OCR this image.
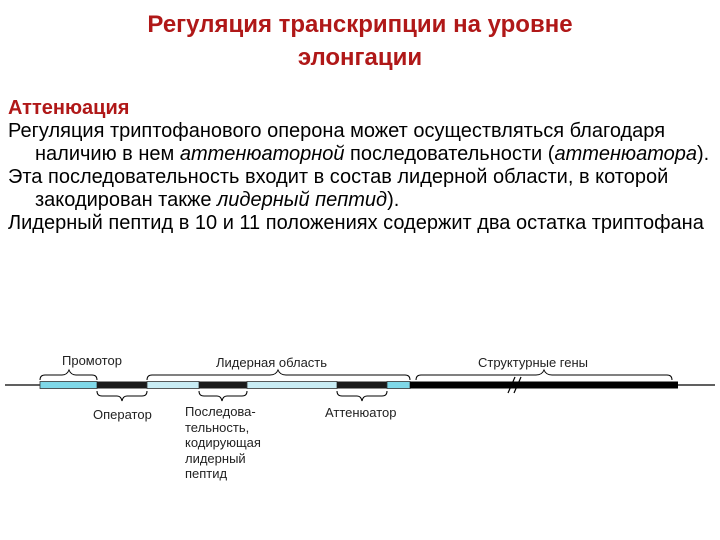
Регуляция транскрипции на уровне
элонгации
Аттенюация
Регуляция триптофанового оперона может осуществляться благодаря наличию в нем аттенюаторной последовательности (аттенюатора).
Эта последовательность входит в состав лидерной области, в которой закодирован также лидерный пептид).
Лидерный пептид в 10 и 11 положениях содержит два остатка триптофана
Промотор	Лидерная область	Структурные гены
Оператор	Последова-
тельность,
кодирующая
лидерный
пептид
Аттенюатор
